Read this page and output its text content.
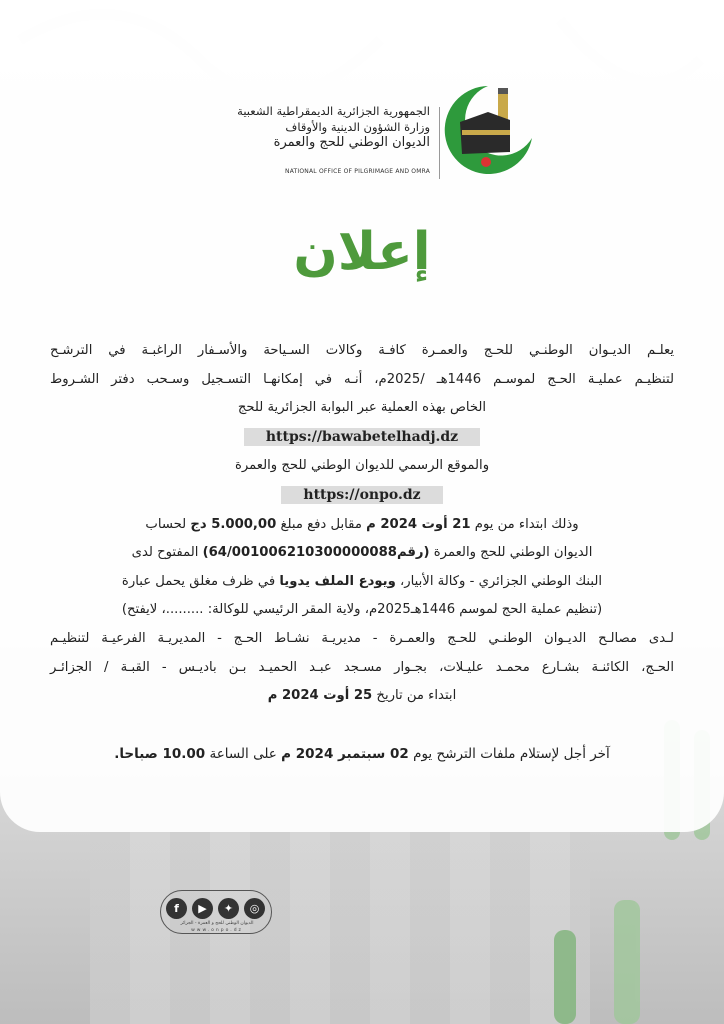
الجمهورية الجزائرية الديمقراطية الشعبية
وزارة الشؤون الدينية والأوقاف
الديوان الوطني للحج والعمرة
NATIONAL OFFICE OF PILGRIMAGE AND OMRA
إعلان
يعلـم الديـوان الوطنـي للحـج والعمـرة كافـة وكالات السـياحة والأسـفار الراغبـة في الترشـح
لتنظيـم عمليـة الحـج لموسـم 1446هـ /2025م، أنـه في إمكانهـا التسـجيل وسـحب دفتر الشـروط
الخاص بهذه العملية عبر البوابة الجزائرية للحج
https://bawabetelhadj.dz
والموقع الرسمي للديوان الوطني للحج والعمرة
https://onpo.dz
وذلك ابتداء من يوم 21 أوت 2024 م مقابل دفع مبلغ 5.000,00 دج لحساب
الديوان الوطني للحج والعمرة (رقم64/001006210300000088) المفتوح لدى
البنك الوطني الجزائري - وكالة الأبيار، ويودع الملف يدويا في ظرف مغلق يحمل عبارة
(تنظيم عملية الحج لموسم 1446هـ2025م، ولاية المقر الرئيسي للوكالة: .........، لايفتح)
لـدى مصالـح الديـوان الوطنـي للحـج والعمـرة - مديريـة نشـاط الحـج - المديريـة الفرعيـة لتنظيـم
الحـج، الكائنـة بشـارع محمـد عليـلات، بجـوار مسـجد عبـد الحميـد بـن باديـس - القبـة / الجزائـر
ابتداء من تاريخ 25 أوت 2024 م
آخر أجل لإستلام ملفات الترشح يوم 02 سبتمبر 2024 م على الساعة 10.00 صباحا.
f	▶	✦	◎
الديوان الوطني للحج و العمرة - الجزائر
www.onpo.dz
